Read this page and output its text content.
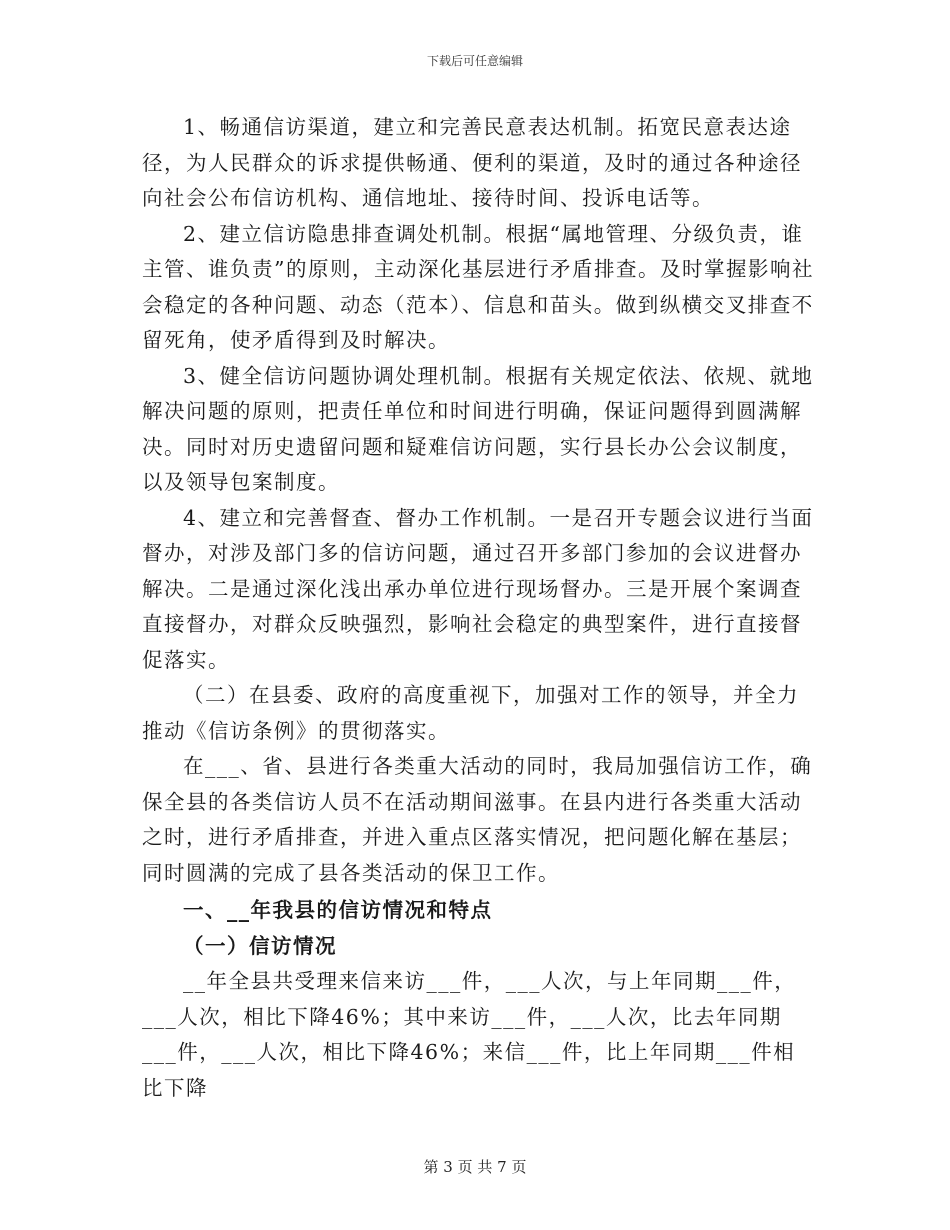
下载后可任意编辑

1、畅通信访渠道，建立和完善民意表达机制。拓宽民意表达途径，为人民群众的诉求提供畅通、便利的渠道，及时的通过各种途径向社会公布信访机构、通信地址、接待时间、投诉电话等。

2、建立信访隐患排查调处机制。根据“属地管理、分级负责，谁主管、谁负责”的原则，主动深化基层进行矛盾排查。及时掌握影响社会稳定的各种问题、动态（范本）、信息和苗头。做到纵横交叉排查不留死角，使矛盾得到及时解决。

3、健全信访问题协调处理机制。根据有关规定依法、依规、就地解决问题的原则，把责任单位和时间进行明确，保证问题得到圆满解决。同时对历史遗留问题和疑难信访问题，实行县长办公会议制度，以及领导包案制度。

4、建立和完善督查、督办工作机制。一是召开专题会议进行当面督办，对涉及部门多的信访问题，通过召开多部门参加的会议进督办解决。二是通过深化浅出承办单位进行现场督办。三是开展个案调查直接督办，对群众反映强烈，影响社会稳定的典型案件，进行直接督促落实。

（二）在县委、政府的高度重视下，加强对工作的领导，并全力推动《信访条例》的贯彻落实。

在___、省、县进行各类重大活动的同时，我局加强信访工作，确保全县的各类信访人员不在活动期间滋事。在县内进行各类重大活动之时，进行矛盾排查，并进入重点区落实情况，把问题化解在基层；同时圆满的完成了县各类活动的保卫工作。

一、__年我县的信访情况和特点

（一）信访情况

__年全县共受理来信来访___件，___人次，与上年同期___件，___人次，相比下降46%；其中来访___件，___人次，比去年同期___件，___人次，相比下降46%；来信___件，比上年同期___件相比下降

第 3 页 共 7 页
